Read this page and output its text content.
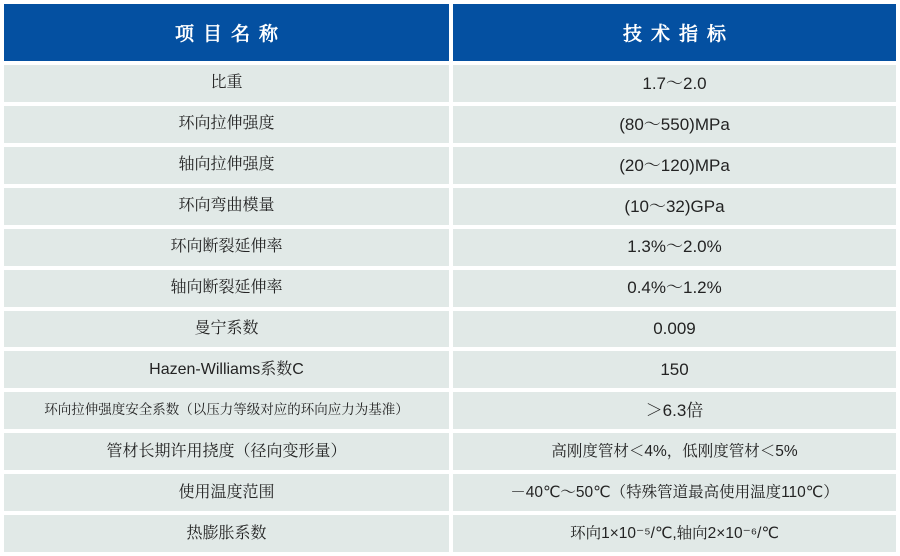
项目名称	技术指标
比重	1.7～2.0
环向拉伸强度	(80～550)MPa
轴向拉伸强度	(20～120)MPa
环向弯曲模量	(10～32)GPa
环向断裂延伸率	1.3%～2.0%
轴向断裂延伸率	0.4%～1.2%
曼宁系数	0.009
Hazen-Williams系数C	150
环向拉伸强度安全系数（以压力等级对应的环向应力为基准）	＞6.3倍
管材长期许用挠度（径向变形量）	高刚度管材＜4%，低刚度管材＜5%
使用温度范围	－40℃～50℃（特殊管道最高使用温度110℃）
热膨胀系数	环向1×10⁻⁵/℃,轴向2×10⁻⁶/℃
